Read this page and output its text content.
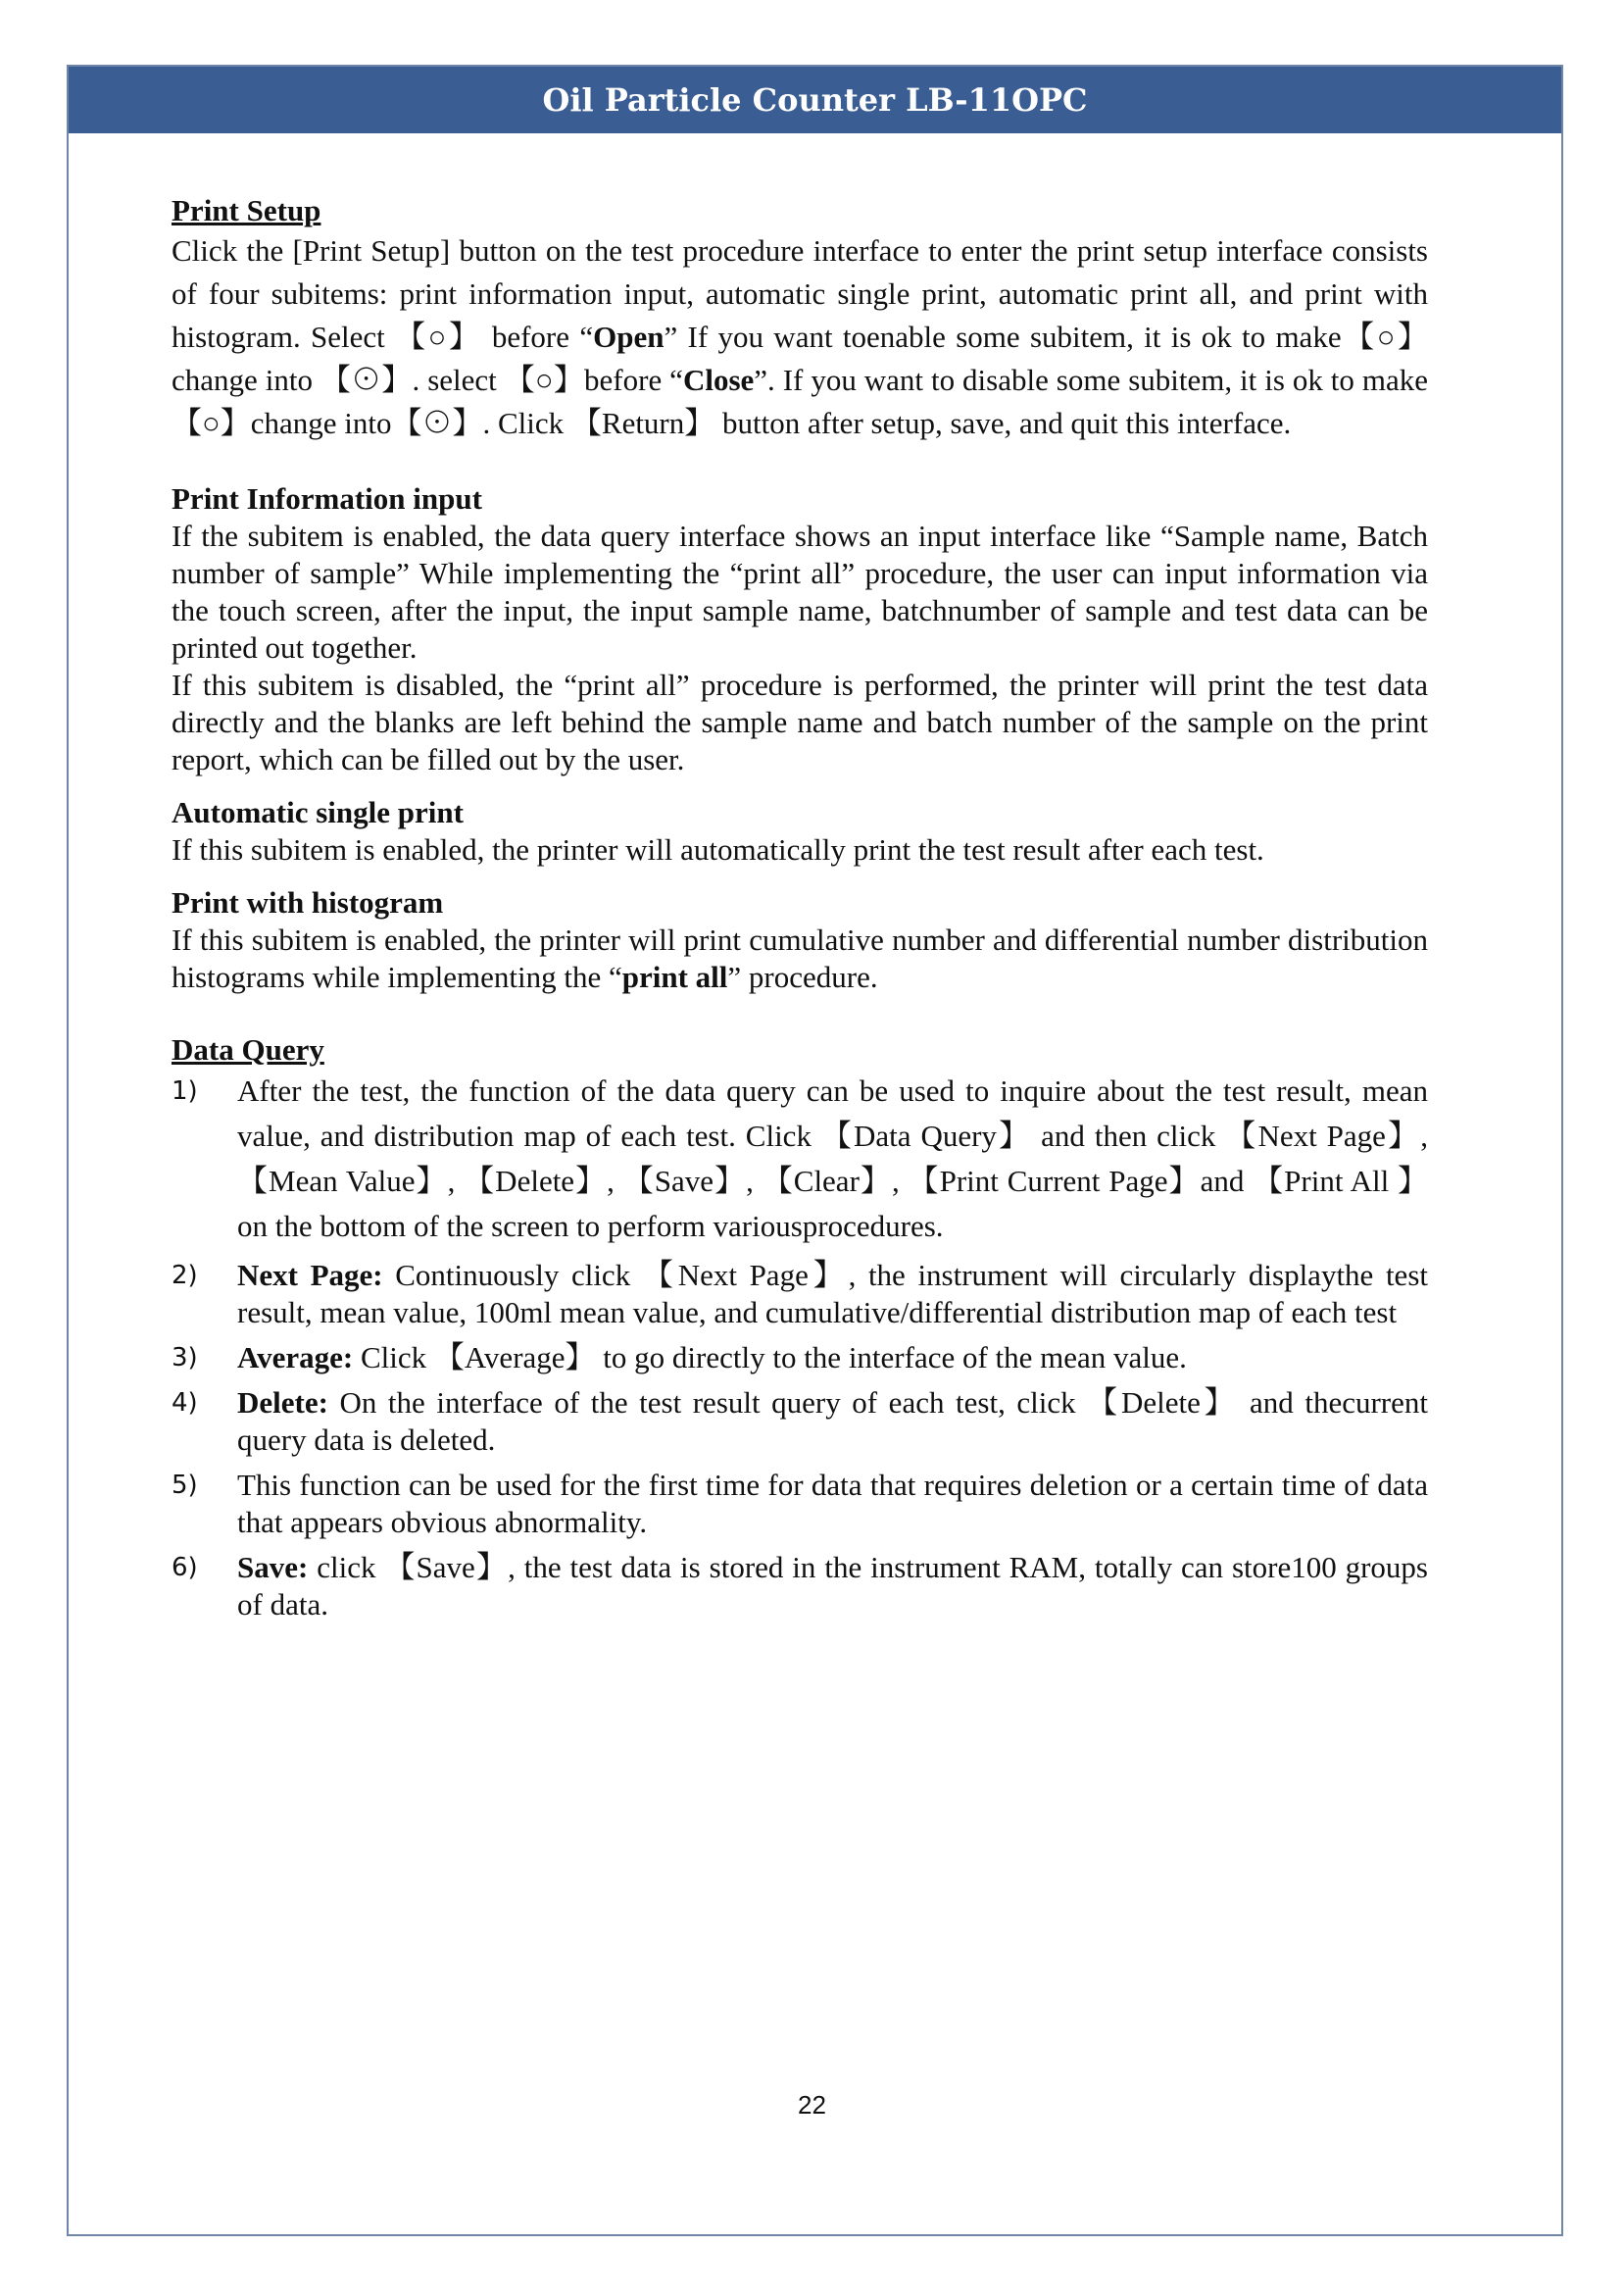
Oil Particle Counter LB-11OPC
Print Setup

Click the [Print Setup] button on the test procedure interface to enter the print setup interface consists of four subitems: print information input, automatic single print, automatic print all, and print with histogram. Select 【○】 before “Open” If you want toenable some subitem, it is ok to make【○】change into 【⊙】. select 【○】before “Close”. If you want to disable some subitem, it is ok to make 【○】change into【⊙】. Click 【Return】 button after setup, save, and quit this interface.

Print Information input

If the subitem is enabled, the data query interface shows an input interface like “Sample name, Batch number of sample” While implementing the “print all” procedure, the user can input information via the touch screen, after the input, the input sample name, batchnumber of sample and test data can be printed out together.

If this subitem is disabled, the “print all” procedure is performed, the printer will print the test data directly and the blanks are left behind the sample name and batch number of the sample on the print report, which can be filled out by the user.

Automatic single print

If this subitem is enabled, the printer will automatically print the test result after each test.

Print with histogram

If this subitem is enabled, the printer will print cumulative number and differential number distribution histograms while implementing the “print all” procedure.

Data Query
1) After the test, the function of the data query can be used to inquire about the test result, mean value, and distribution map of each test. Click 【Data Query】 and then click 【Next Page】, 【Mean Value】, 【Delete】, 【Save】, 【Clear】, 【Print Current Page】and 【Print All 】 on the bottom of the screen to perform variousprocedures.
2) Next Page: Continuously click 【Next Page】, the instrument will circularly displaythe test result, mean value, 100ml mean value, and cumulative/differential distribution map of each test
3) Average: Click 【Average】 to go directly to the interface of the mean value.
4) Delete: On the interface of the test result query of each test, click 【Delete】 and thecurrent query data is deleted.
5) This function can be used for the first time for data that requires deletion or a certain time of data that appears obvious abnormality.
6) Save: click 【Save】, the test data is stored in the instrument RAM, totally can store100 groups of data.
22
